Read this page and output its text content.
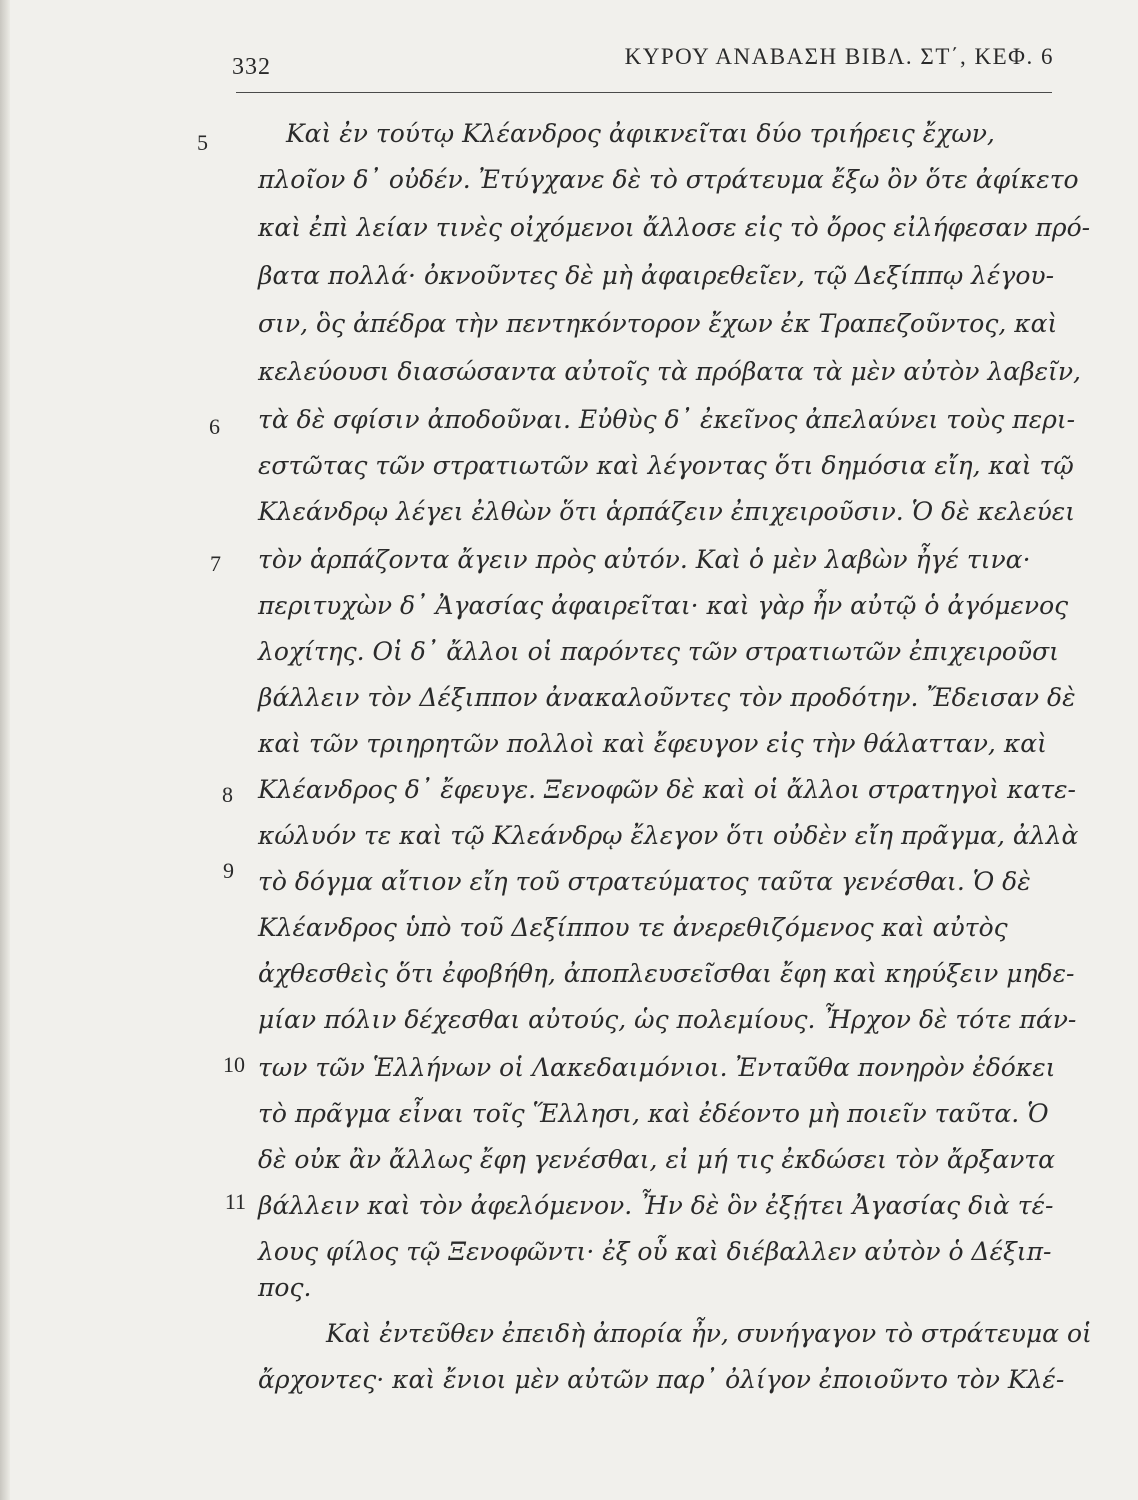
332	ΚΥΡΟΥ ΑΝΑΒΑΣΗ ΒΙΒΛ. ΣΤ΄, ΚΕΦ. 6
5
6
7
8
9
10
11
Καὶ ἐν τούτῳ Κλέανδρος ἀφικνεῖται δύο τριήρεις ἔχων,
πλοῖον δ᾽ οὐδέν. Ἐτύγχανε δὲ τὸ στράτευμα ἔξω ὂν ὅτε ἀφίκετο
καὶ ἐπὶ λείαν τινὲς οἰχόμενοι ἄλλοσε εἰς τὸ ὄρος εἰλήφεσαν πρό-
βατα πολλά· ὀκνοῦντες δὲ μὴ ἀφαιρεθεῖεν, τῷ Δεξίππῳ λέγου-
σιν, ὃς ἀπέδρα τὴν πεντηκόντορον ἔχων ἐκ Τραπεζοῦντος, καὶ
κελεύουσι διασώσαντα αὐτοῖς τὰ πρόβατα τὰ μὲν αὐτὸν λαβεῖν,
τὰ δὲ σφίσιν ἀποδοῦναι. Εὐθὺς δ᾽ ἐκεῖνος ἀπελαύνει τοὺς περι-
εστῶτας τῶν στρατιωτῶν καὶ λέγοντας ὅτι δημόσια εἴη, καὶ τῷ
Κλεάνδρῳ λέγει ἐλθὼν ὅτι ἁρπάζειν ἐπιχειροῦσιν. Ὁ δὲ κελεύει
τὸν ἁρπάζοντα ἄγειν πρὸς αὐτόν. Καὶ ὁ μὲν λαβὼν ἦγέ τινα·
περιτυχὼν δ᾽ Ἀγασίας ἀφαιρεῖται· καὶ γὰρ ἦν αὐτῷ ὁ ἀγόμενος
λοχίτης. Οἱ δ᾽ ἄλλοι οἱ παρόντες τῶν στρατιωτῶν ἐπιχειροῦσι
βάλλειν τὸν Δέξιππον ἀνακαλοῦντες τὸν προδότην. Ἔδεισαν δὲ
καὶ τῶν τριηρητῶν πολλοὶ καὶ ἔφευγον εἰς τὴν θάλατταν, καὶ
Κλέανδρος δ᾽ ἔφευγε. Ξενοφῶν δὲ καὶ οἱ ἄλλοι στρατηγοὶ κατε-
κώλυόν τε καὶ τῷ Κλεάνδρῳ ἔλεγον ὅτι οὐδὲν εἴη πρᾶγμα, ἀλλὰ
τὸ δόγμα αἴτιον εἴη τοῦ στρατεύματος ταῦτα γενέσθαι. Ὁ δὲ
Κλέανδρος ὑπὸ τοῦ Δεξίππου τε ἀνερεθιζόμενος καὶ αὐτὸς
ἀχθεσθεὶς ὅτι ἐφοβήθη, ἀποπλευσεῖσθαι ἔφη καὶ κηρύξειν μηδε-
μίαν πόλιν δέχεσθαι αὐτούς, ὡς πολεμίους. Ἦρχον δὲ τότε πάν-
των τῶν Ἑλλήνων οἱ Λακεδαιμόνιοι. Ἐνταῦθα πονηρὸν ἐδόκει
τὸ πρᾶγμα εἶναι τοῖς Ἕλλησι, καὶ ἐδέοντο μὴ ποιεῖν ταῦτα. Ὁ
δὲ οὐκ ἂν ἄλλως ἔφη γενέσθαι, εἰ μή τις ἐκδώσει τὸν ἄρξαντα
βάλλειν καὶ τὸν ἀφελόμενον. Ἦν δὲ ὃν ἐξῄτει Ἀγασίας διὰ τέ-
λους φίλος τῷ Ξενοφῶντι· ἐξ οὗ καὶ διέβαλλεν αὐτὸν ὁ Δέξιπ-
πος.
Καὶ ἐντεῦθεν ἐπειδὴ ἀπορία ἦν, συνήγαγον τὸ στράτευμα οἱ
ἄρχοντες· καὶ ἔνιοι μὲν αὐτῶν παρ᾽ ὀλίγον ἐποιοῦντο τὸν Κλέ-
